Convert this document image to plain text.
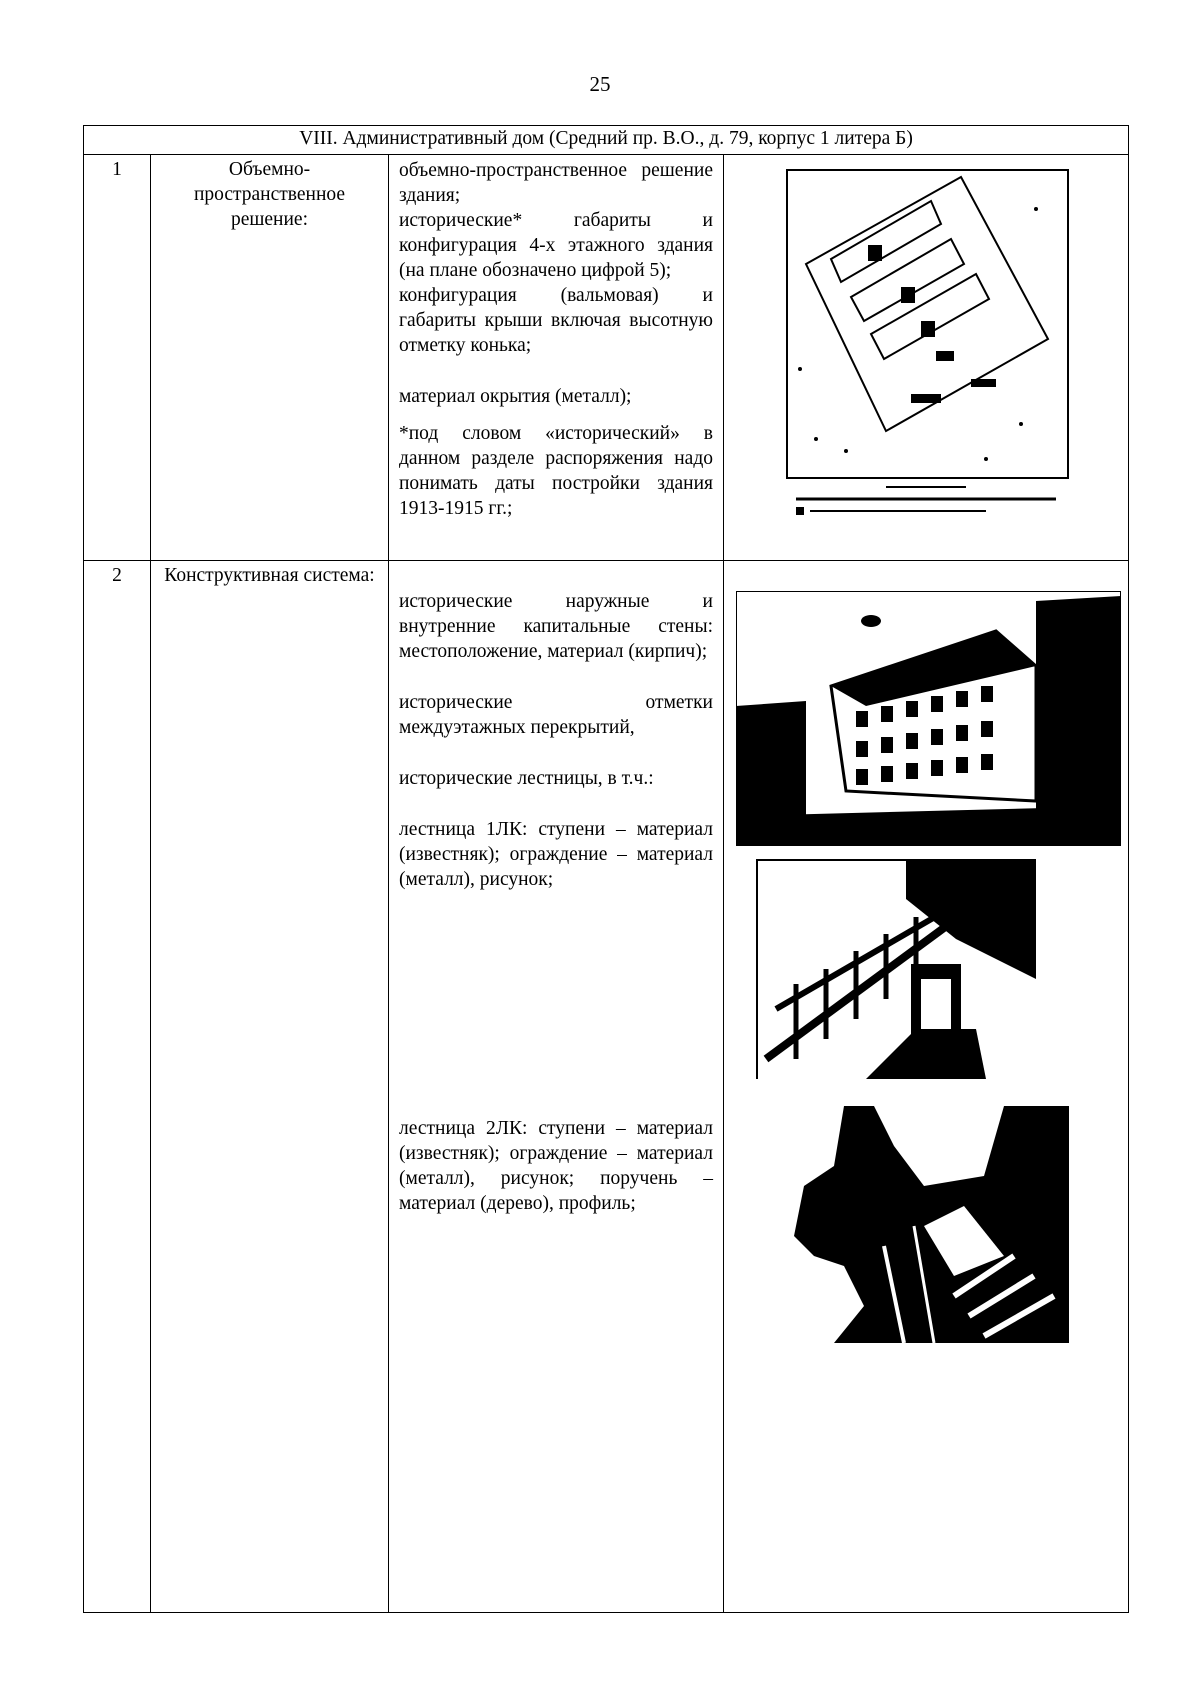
25
VIII. Административный дом (Средний пр. В.О., д. 79, корпус 1 литера Б)			
1	Объемно-пространственное решение:	объемно-пространственное решение здания;

исторические* габариты и конфигурация 4-х этажного здания (на плане обозначено цифрой 5);

конфигурация (вальмовая) и габариты крыши включая высотную отметку конька;

материал окрытия (металл);

*под словом «исторический» в данном разделе распоряжения надо понимать даты постройки здания 1913-1915 гг.;

2	Конструктивная система:	исторические наружные и внутренние капитальные стены: местоположение, материал (кирпич);

исторические отметки междуэтажных перекрытий,

исторические лестницы, в т.ч.:

лестница 1ЛК: ступени – материал (известняк); ограждение – материал (металл), рисунок;

лестница 2ЛК: ступени – материал (известняк); ограждение – материал (металл), рисунок; поручень – материал (дерево), профиль;
